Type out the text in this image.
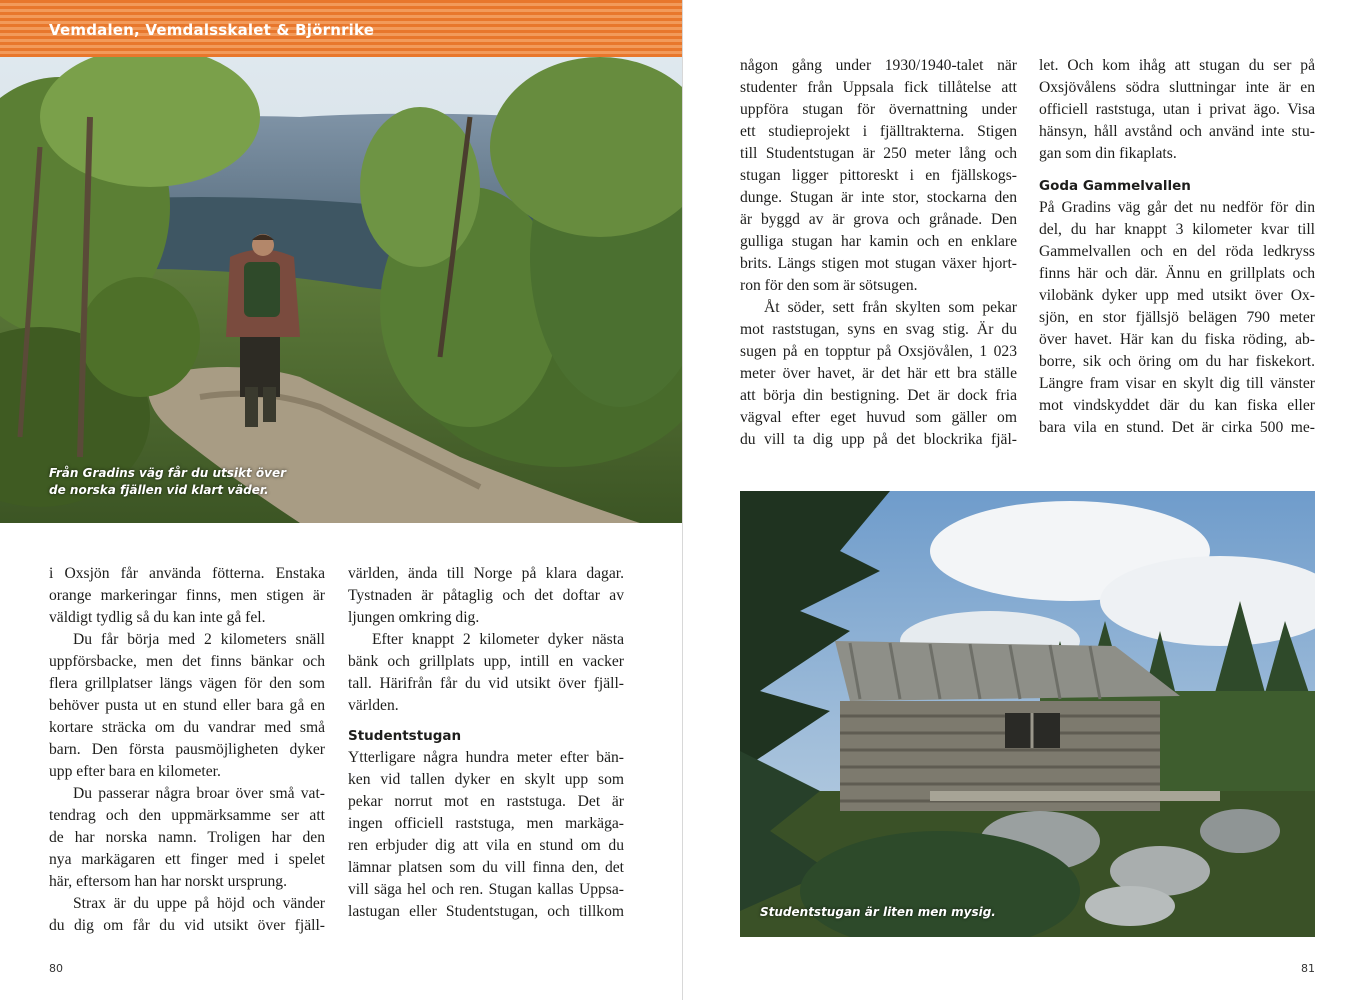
Vemdalen, Vemdalsskalet & Björnrike
Från Gradins väg får du utsikt över
de norska fjällen vid klart väder.
i Oxsjön får använda fötterna. Enstaka
orange markeringar finns, men stigen är
väldigt tydlig så du kan inte gå fel.
Du får börja med 2 kilometers snäll
uppförsbacke, men det finns bänkar och
flera grillplatser längs vägen för den som
behöver pusta ut en stund eller bara gå en
kortare sträcka om du vandrar med små
barn. Den första pausmöjligheten dyker
upp efter bara en kilometer.
Du passerar några broar över små vat-
tendrag och den uppmärksamme ser att
de har norska namn. Troligen har den
nya markägaren ett finger med i spelet
här, eftersom han har norskt ursprung.
Strax är du uppe på höjd och vänder
du dig om får du vid utsikt över fjäll-
världen, ända till Norge på klara dagar.
Tystnaden är påtaglig och det doftar av
ljungen omkring dig.
Efter knappt 2 kilometer dyker nästa
bänk och grillplats upp, intill en vacker
tall. Härifrån får du vid utsikt över fjäll-
världen.
Studentstugan
Ytterligare några hundra meter efter bän-
ken vid tallen dyker en skylt upp som
pekar norrut mot en raststuga. Det är
ingen officiell raststuga, men markäga-
ren erbjuder dig att vila en stund om du
lämnar platsen som du vill finna den, det
vill säga hel och ren. Stugan kallas Uppsa-
lastugan eller Studentstugan, och tillkom
80	81
någon gång under 1930/1940-talet när
studenter från Uppsala fick tillåtelse att
uppföra stugan för övernattning under
ett studieprojekt i fjälltrakterna. Stigen
till Studentstugan är 250 meter lång och
stugan ligger pittoreskt i en fjällskogs-
dunge. Stugan är inte stor, stockarna den
är byggd av är grova och grånade. Den
gulliga stugan har kamin och en enklare
brits. Längs stigen mot stugan växer hjort-
ron för den som är sötsugen.
Åt söder, sett från skylten som pekar
mot raststugan, syns en svag stig. Är du
sugen på en topptur på Oxsjövålen, 1 023
meter över havet, är det här ett bra ställe
att börja din bestigning. Det är dock fria
vägval efter eget huvud som gäller om
du vill ta dig upp på det blockrika fjäl-
let. Och kom ihåg att stugan du ser på
Oxsjövålens södra sluttningar inte är en
officiell raststuga, utan i privat ägo. Visa
hänsyn, håll avstånd och använd inte stu-
gan som din fikaplats.
Goda Gammelvallen
På Gradins väg går det nu nedför för din
del, du har knappt 3 kilometer kvar till
Gammelvallen och en del röda ledkryss
finns här och där. Ännu en grillplats och
vilobänk dyker upp med utsikt över Ox-
sjön, en stor fjällsjö belägen 790 meter
över havet. Här kan du fiska röding, ab-
borre, sik och öring om du har fiskekort.
Längre fram visar en skylt dig till vänster
mot vindskyddet där du kan fiska eller
bara vila en stund. Det är cirka 500 me-
Studentstugan är liten men mysig.
